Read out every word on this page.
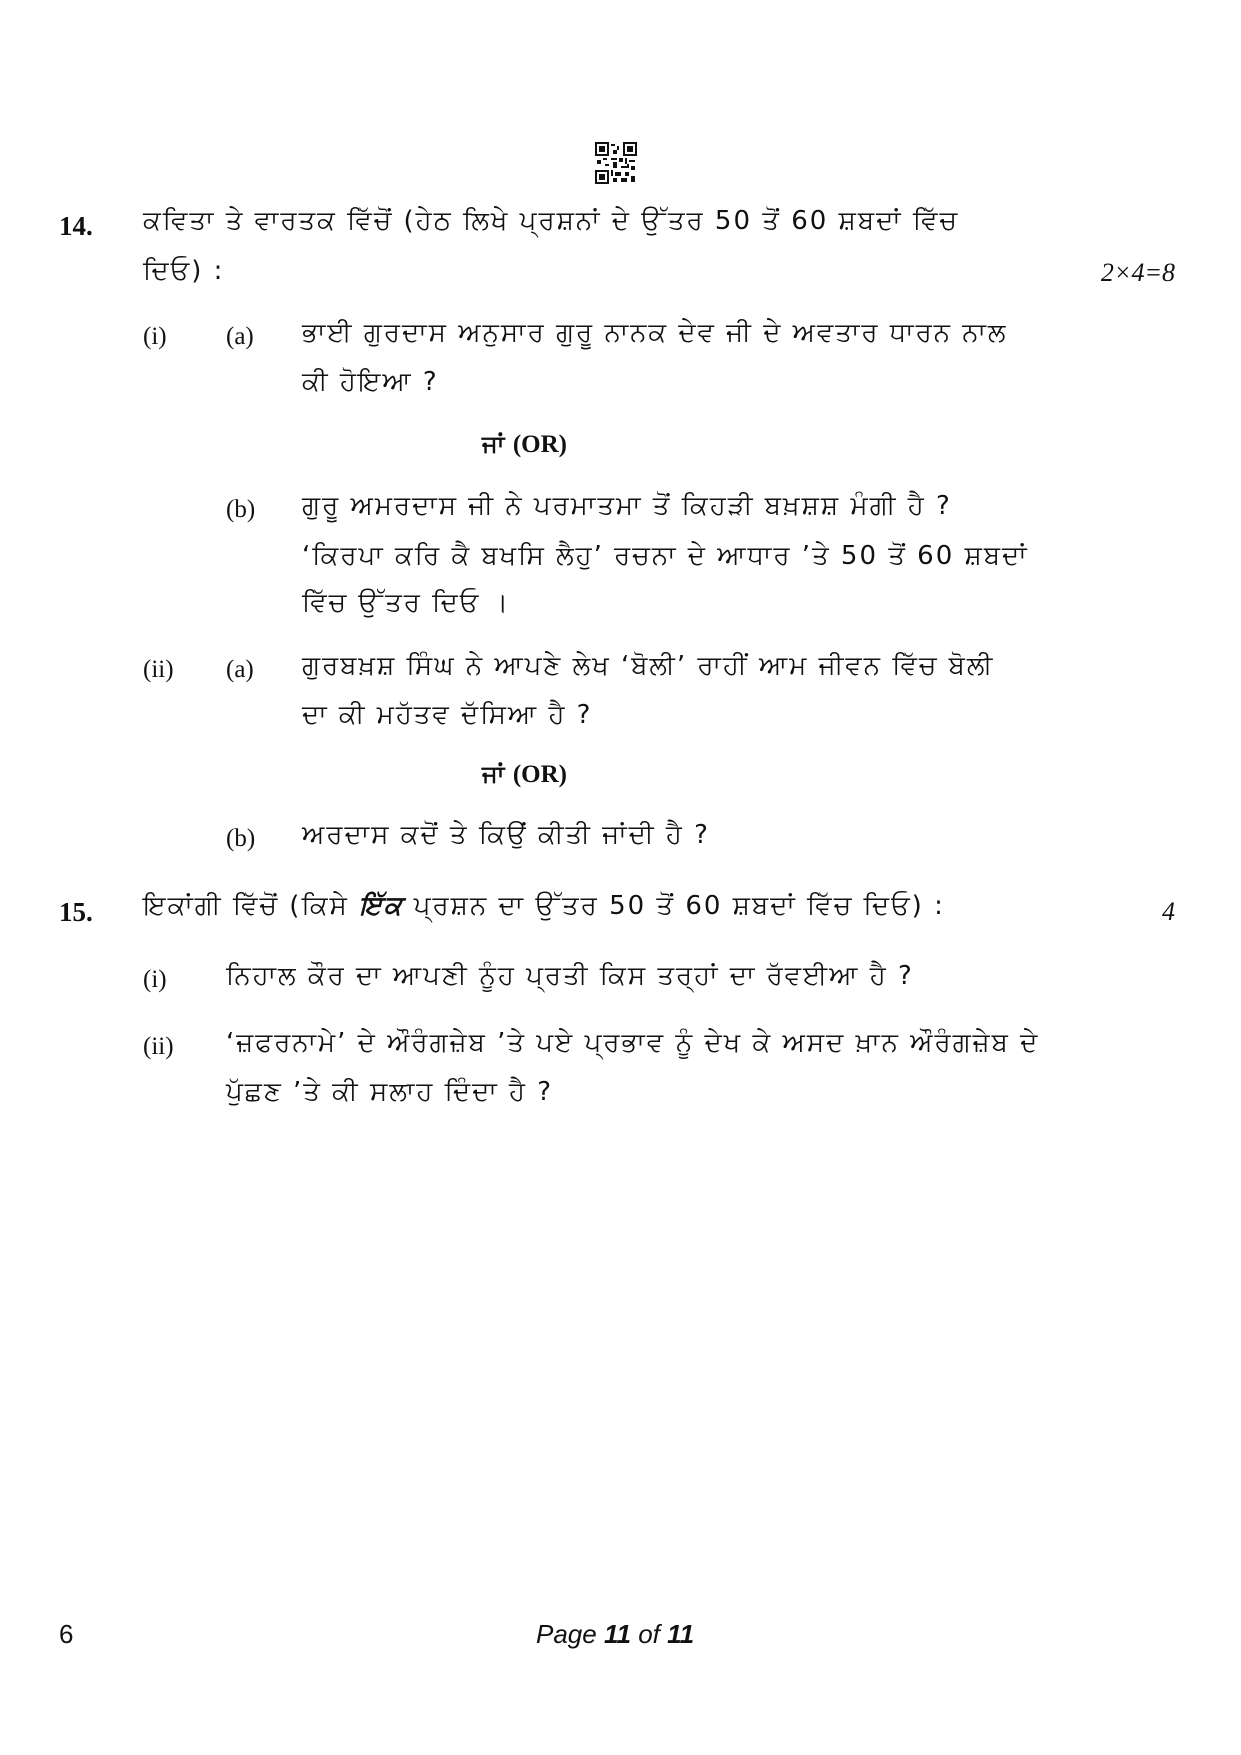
14. ਕਵਿਤਾ ਤੇ ਵਾਰਤਕ ਵਿੱਚੋਂ (ਹੇਠ ਲਿਖੇ ਪ੍ਰਸ਼ਨਾਂ ਦੇ ਉੱਤਰ 50 ਤੋਂ 60 ਸ਼ਬਦਾਂ ਵਿੱਚ
ਦਿਓ) :	2×4=8
(i) (a) ਭਾਈ ਗੁਰਦਾਸ ਅਨੁਸਾਰ ਗੁਰੂ ਨਾਨਕ ਦੇਵ ਜੀ ਦੇ ਅਵਤਾਰ ਧਾਰਨ ਨਾਲ
ਕੀ ਹੋਇਆ ?
ਜਾਂ (OR)
(b) ਗੁਰੂ ਅਮਰਦਾਸ ਜੀ ਨੇ ਪਰਮਾਤਮਾ ਤੋਂ ਕਿਹੜੀ ਬਖ਼ਸ਼ਸ਼ ਮੰਗੀ ਹੈ ?
‘ਕਿਰਪਾ ਕਰਿ ਕੈ ਬਖਸਿ ਲੈਹੁ’ ਰਚਨਾ ਦੇ ਆਧਾਰ ’ਤੇ 50 ਤੋਂ 60 ਸ਼ਬਦਾਂ
ਵਿੱਚ ਉੱਤਰ ਦਿਓ ।
(ii) (a) ਗੁਰਬਖ਼ਸ਼ ਸਿੰਘ ਨੇ ਆਪਣੇ ਲੇਖ ‘ਬੋਲੀ’ ਰਾਹੀਂ ਆਮ ਜੀਵਨ ਵਿੱਚ ਬੋਲੀ
ਦਾ ਕੀ ਮਹੱਤਵ ਦੱਸਿਆ ਹੈ ?
ਜਾਂ (OR)
(b) ਅਰਦਾਸ ਕਦੋਂ ਤੇ ਕਿਉਂ ਕੀਤੀ ਜਾਂਦੀ ਹੈ ?
15. ਇਕਾਂਗੀ ਵਿੱਚੋਂ (ਕਿਸੇ ਇੱਕ ਪ੍ਰਸ਼ਨ ਦਾ ਉੱਤਰ 50 ਤੋਂ 60 ਸ਼ਬਦਾਂ ਵਿੱਚ ਦਿਓ) :	4
(i) ਨਿਹਾਲ ਕੌਰ ਦਾ ਆਪਣੀ ਨੂੰਹ ਪ੍ਰਤੀ ਕਿਸ ਤਰ੍ਹਾਂ ਦਾ ਰੱਵਈਆ ਹੈ ?
(ii) ‘ਜ਼ਫਰਨਾਮੇ’ ਦੇ ਔਰੰਗਜ਼ੇਬ ’ਤੇ ਪਏ ਪ੍ਰਭਾਵ ਨੂੰ ਦੇਖ ਕੇ ਅਸਦ ਖ਼ਾਨ ਔਰੰਗਜ਼ੇਬ ਦੇ
ਪੁੱਛਣ ’ਤੇ ਕੀ ਸਲਾਹ ਦਿੰਦਾ ਹੈ ?
6	Page 11 of 11
